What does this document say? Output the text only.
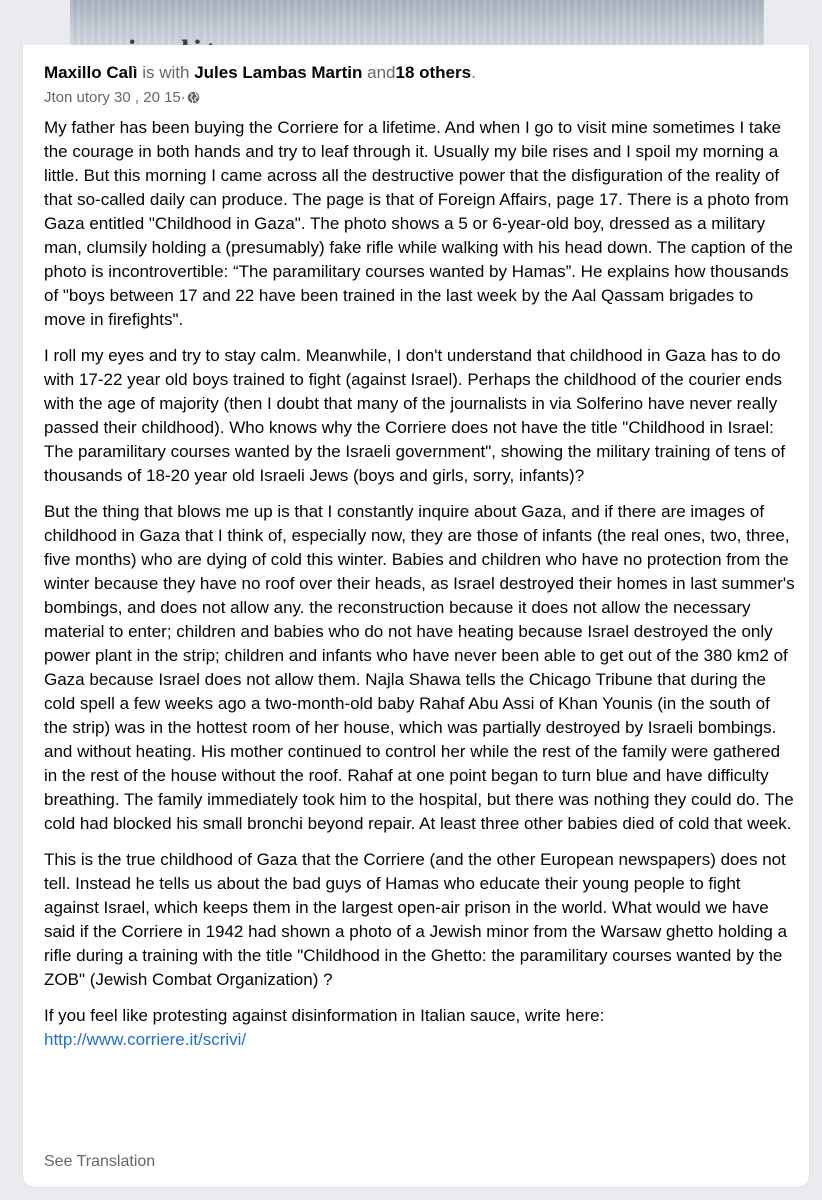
Maxillo Calì is with Jules Lambas Martin and18 others.
Jton utory 30 , 20 15·

My father has been buying the Corriere for a lifetime. And when I go to visit mine sometimes I take the courage in both hands and try to leaf through it. Usually my bile rises and I spoil my morning a little. But this morning I came across all the destructive power that the disfiguration of the reality of that so-called daily can produce. The page is that of Foreign Affairs, page 17. There is a photo from Gaza entitled "Childhood in Gaza". The photo shows a 5 or 6-year-old boy, dressed as a military man, clumsily holding a (presumably) fake rifle while walking with his head down. The caption of the photo is incontrovertible: “The paramilitary courses wanted by Hamas”. He explains how thousands of "boys between 17 and 22 have been trained in the last week by the Aal Qassam brigades to move in firefights".

I roll my eyes and try to stay calm. Meanwhile, I don't understand that childhood in Gaza has to do with 17-22 year old boys trained to fight (against Israel). Perhaps the childhood of the courier ends with the age of majority (then I doubt that many of the journalists in via Solferino have never really passed their childhood). Who knows why the Corriere does not have the title "Childhood in Israel: The paramilitary courses wanted by the Israeli government", showing the military training of tens of thousands of 18-20 year old Israeli Jews (boys and girls, sorry, infants)?

But the thing that blows me up is that I constantly inquire about Gaza, and if there are images of childhood in Gaza that I think of, especially now, they are those of infants (the real ones, two, three, five months) who are dying of cold this winter. Babies and children who have no protection from the winter because they have no roof over their heads, as Israel destroyed their homes in last summer's bombings, and does not allow any. the reconstruction because it does not allow the necessary material to enter; children and babies who do not have heating because Israel destroyed the only power plant in the strip; children and infants who have never been able to get out of the 380 km2 of Gaza because Israel does not allow them. Najla Shawa tells the Chicago Tribune that during the cold spell a few weeks ago a two-month-old baby Rahaf Abu Assi of Khan Younis (in the south of the strip) was in the hottest room of her house, which was partially destroyed by Israeli bombings. and without heating. His mother continued to control her while the rest of the family were gathered in the rest of the house without the roof. Rahaf at one point began to turn blue and have difficulty breathing. The family immediately took him to the hospital, but there was nothing they could do. The cold had blocked his small bronchi beyond repair. At least three other babies died of cold that week.

This is the true childhood of Gaza that the Corriere (and the other European newspapers) does not tell. Instead he tells us about the bad guys of Hamas who educate their young people to fight against Israel, which keeps them in the largest open-air prison in the world. What would we have said if the Corriere in 1942 had shown a photo of a Jewish minor from the Warsaw ghetto holding a rifle during a training with the title "Childhood in the Ghetto: the paramilitary courses wanted by the ZOB" (Jewish Combat Organization) ?

If you feel like protesting against disinformation in Italian sauce, write here:
http://www.corriere.it/scrivi/

See Translation
